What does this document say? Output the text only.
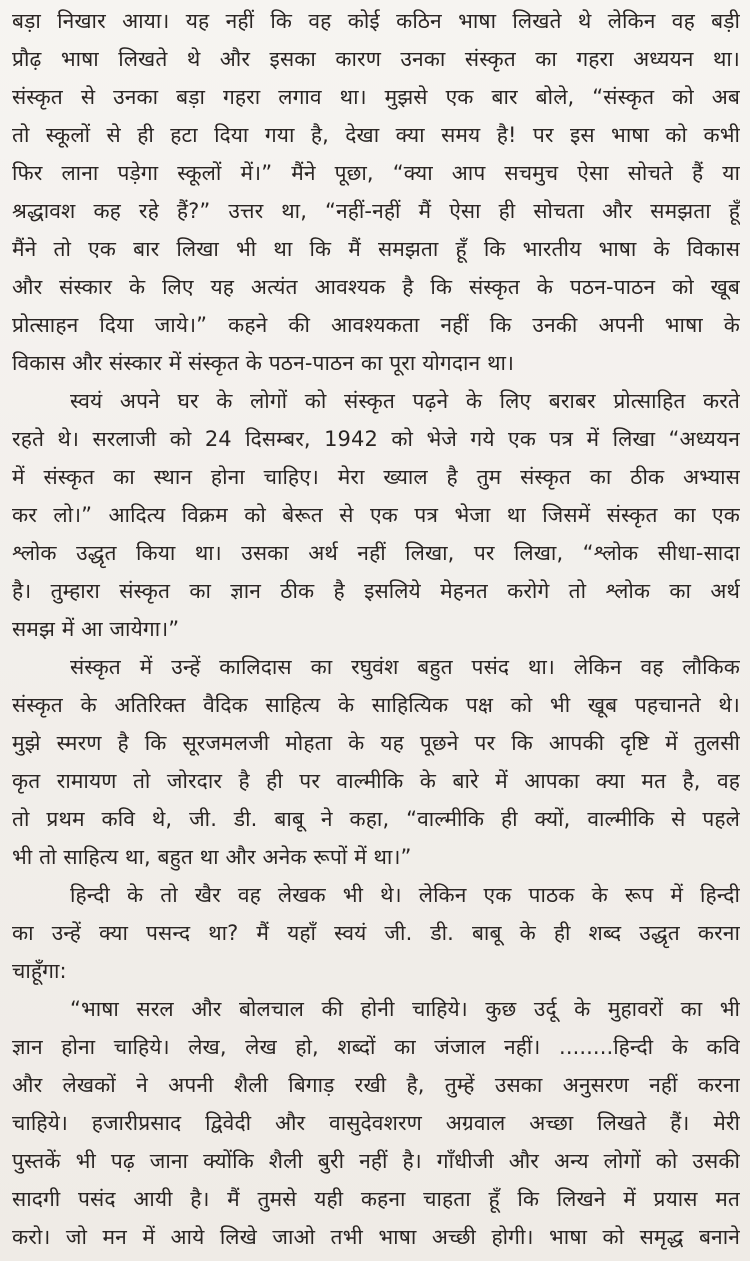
बड़ा निखार आया। यह नहीं कि वह कोई कठिन भाषा लिखते थे लेकिन वह बड़ी
प्रौढ़ भाषा लिखते थे और इसका कारण उनका संस्कृत का गहरा अध्ययन था।
संस्कृत से उनका बड़ा गहरा लगाव था। मुझसे एक बार बोले, “संस्कृत को अब
तो स्कूलों से ही हटा दिया गया है, देखा क्या समय है! पर इस भाषा को कभी
फिर लाना पड़ेगा स्कूलों में।” मैंने पूछा, “क्या आप सचमुच ऐसा सोचते हैं या
श्रद्धावश कह रहे हैं?” उत्तर था, “नहीं-नहीं मैं ऐसा ही सोचता और समझता हूँ
मैंने तो एक बार लिखा भी था कि मैं समझता हूँ कि भारतीय भाषा के विकास
और संस्कार के लिए यह अत्यंत आवश्यक है कि संस्कृत के पठन-पाठन को खूब
प्रोत्साहन दिया जाये।” कहने की आवश्यकता नहीं कि उनकी अपनी भाषा के
विकास और संस्कार में संस्कृत के पठन-पाठन का पूरा योगदान था।
स्वयं अपने घर के लोगों को संस्कृत पढ़ने के लिए बराबर प्रोत्साहित करते
रहते थे। सरलाजी को 24 दिसम्बर, 1942 को भेजे गये एक पत्र में लिखा “अध्ययन
में संस्कृत का स्थान होना चाहिए। मेरा ख्याल है तुम संस्कृत का ठीक अभ्यास
कर लो।” आदित्य विक्रम को बेरूत से एक पत्र भेजा था जिसमें संस्कृत का एक
श्लोक उद्धृत किया था। उसका अर्थ नहीं लिखा, पर लिखा, “श्लोक सीधा-सादा
है। तुम्हारा संस्कृत का ज्ञान ठीक है इसलिये मेहनत करोगे तो श्लोक का अर्थ
समझ में आ जायेगा।”
संस्कृत में उन्हें कालिदास का रघुवंश बहुत पसंद था। लेकिन वह लौकिक
संस्कृत के अतिरिक्त वैदिक साहित्य के साहित्यिक पक्ष को भी खूब पहचानते थे।
मुझे स्मरण है कि सूरजमलजी मोहता के यह पूछने पर कि आपकी दृष्टि में तुलसी
कृत रामायण तो जोरदार है ही पर वाल्मीकि के बारे में आपका क्या मत है, वह
तो प्रथम कवि थे, जी. डी. बाबू ने कहा, “वाल्मीकि ही क्यों, वाल्मीकि से पहले
भी तो साहित्य था, बहुत था और अनेक रूपों में था।”
हिन्दी के तो खैर वह लेखक भी थे। लेकिन एक पाठक के रूप में हिन्दी
का उन्हें क्या पसन्द था? मैं यहाँ स्वयं जी. डी. बाबू के ही शब्द उद्धृत करना
चाहूँगा:
“भाषा सरल और बोलचाल की होनी चाहिये। कुछ उर्दू के मुहावरों का भी
ज्ञान होना चाहिये। लेख, लेख हो, शब्दों का जंजाल नहीं। ........हिन्दी के कवि
और लेखकों ने अपनी शैली बिगाड़ रखी है, तुम्हें उसका अनुसरण नहीं करना
चाहिये। हजारीप्रसाद द्विवेदी और वासुदेवशरण अग्रवाल अच्छा लिखते हैं। मेरी
पुस्तकें भी पढ़ जाना क्योंकि शैली बुरी नहीं है। गाँधीजी और अन्य लोगों को उसकी
सादगी पसंद आयी है। मैं तुमसे यही कहना चाहता हूँ कि लिखने में प्रयास मत
करो। जो मन में आये लिखे जाओ तभी भाषा अच्छी होगी। भाषा को समृद्ध बनाने
